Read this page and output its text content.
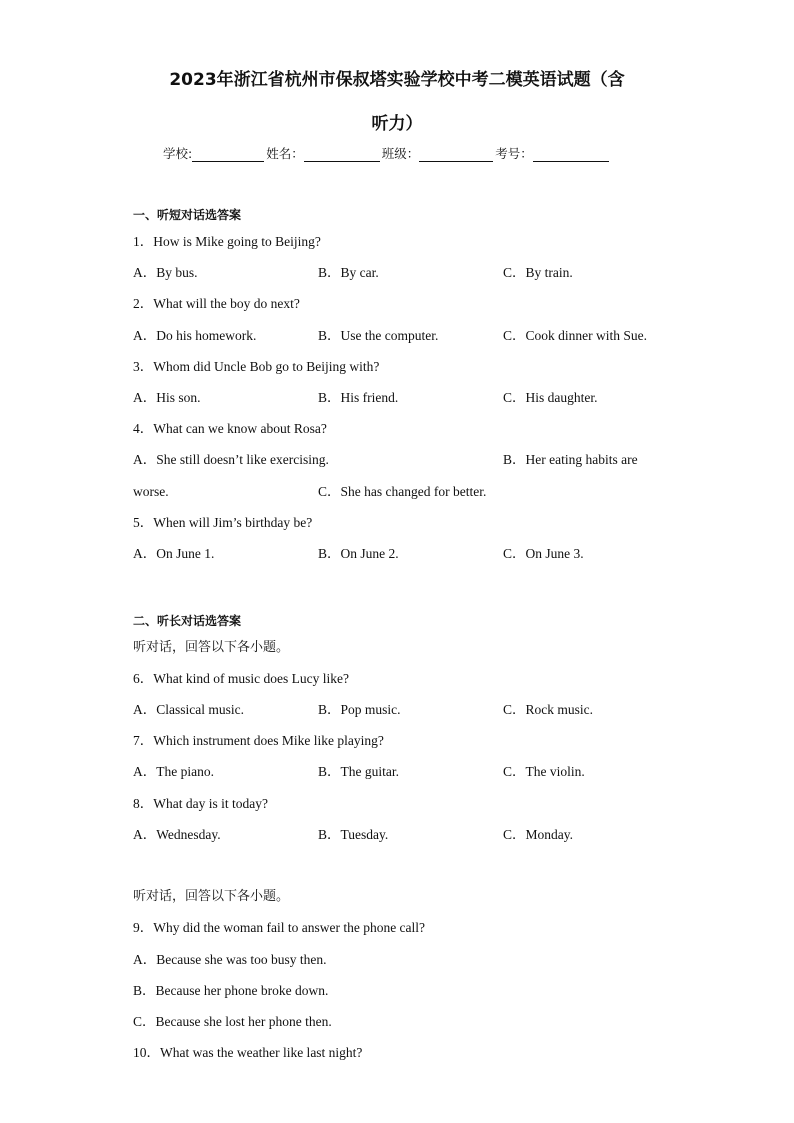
2023年浙江省杭州市保叔塔实验学校中考二模英语试题（含
听力）
学校:	姓名：	班级：	考号：
一、听短对话选答案
1．How is Mike going to Beijing?
A．By bus.	B．By car.	C．By train.
2．What will the boy do next?
A．Do his homework.	B．Use the computer.	C．Cook dinner with Sue.
3．Whom did Uncle Bob go to Beijing with?
A．His son.	B．His friend.	C．His daughter.
4．What can we know about Rosa?
A．She still doesn’t like exercising.	B．Her eating habits are
worse.	C．She has changed for better.
5．When will Jim’s birthday be?
A．On June 1.	B．On June 2.	C．On June 3.
二、听长对话选答案
听对话，回答以下各小题。
6．What kind of music does Lucy like?
A．Classical music.	B．Pop music.	C．Rock music.
7．Which instrument does Mike like playing?
A．The piano.	B．The guitar.	C．The violin.
8．What day is it today?
A．Wednesday.	B．Tuesday.	C．Monday.
听对话，回答以下各小题。
9．Why did the woman fail to answer the phone call?
A．Because she was too busy then.
B．Because her phone broke down.
C．Because she lost her phone then.
10．What was the weather like last night?
